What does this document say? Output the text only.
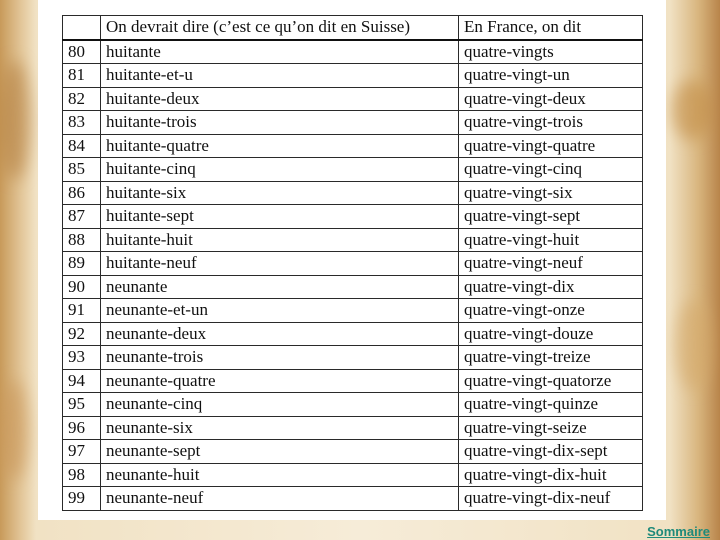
	On devrait dire (c’est ce qu’on dit en Suisse)	En France, on dit
80	huitante	quatre-vingts
81	huitante-et-u	quatre-vingt-un
82	huitante-deux	quatre-vingt-deux
83	huitante-trois	quatre-vingt-trois
84	huitante-quatre	quatre-vingt-quatre
85	huitante-cinq	quatre-vingt-cinq
86	huitante-six	quatre-vingt-six
87	huitante-sept	quatre-vingt-sept
88	huitante-huit	quatre-vingt-huit
89	huitante-neuf	quatre-vingt-neuf
90	neunante	quatre-vingt-dix
91	neunante-et-un	quatre-vingt-onze
92	neunante-deux	quatre-vingt-douze
93	neunante-trois	quatre-vingt-treize
94	neunante-quatre	quatre-vingt-quatorze
95	neunante-cinq	quatre-vingt-quinze
96	neunante-six	quatre-vingt-seize
97	neunante-sept	quatre-vingt-dix-sept
98	neunante-huit	quatre-vingt-dix-huit
99	neunante-neuf	quatre-vingt-dix-neuf
Sommaire
